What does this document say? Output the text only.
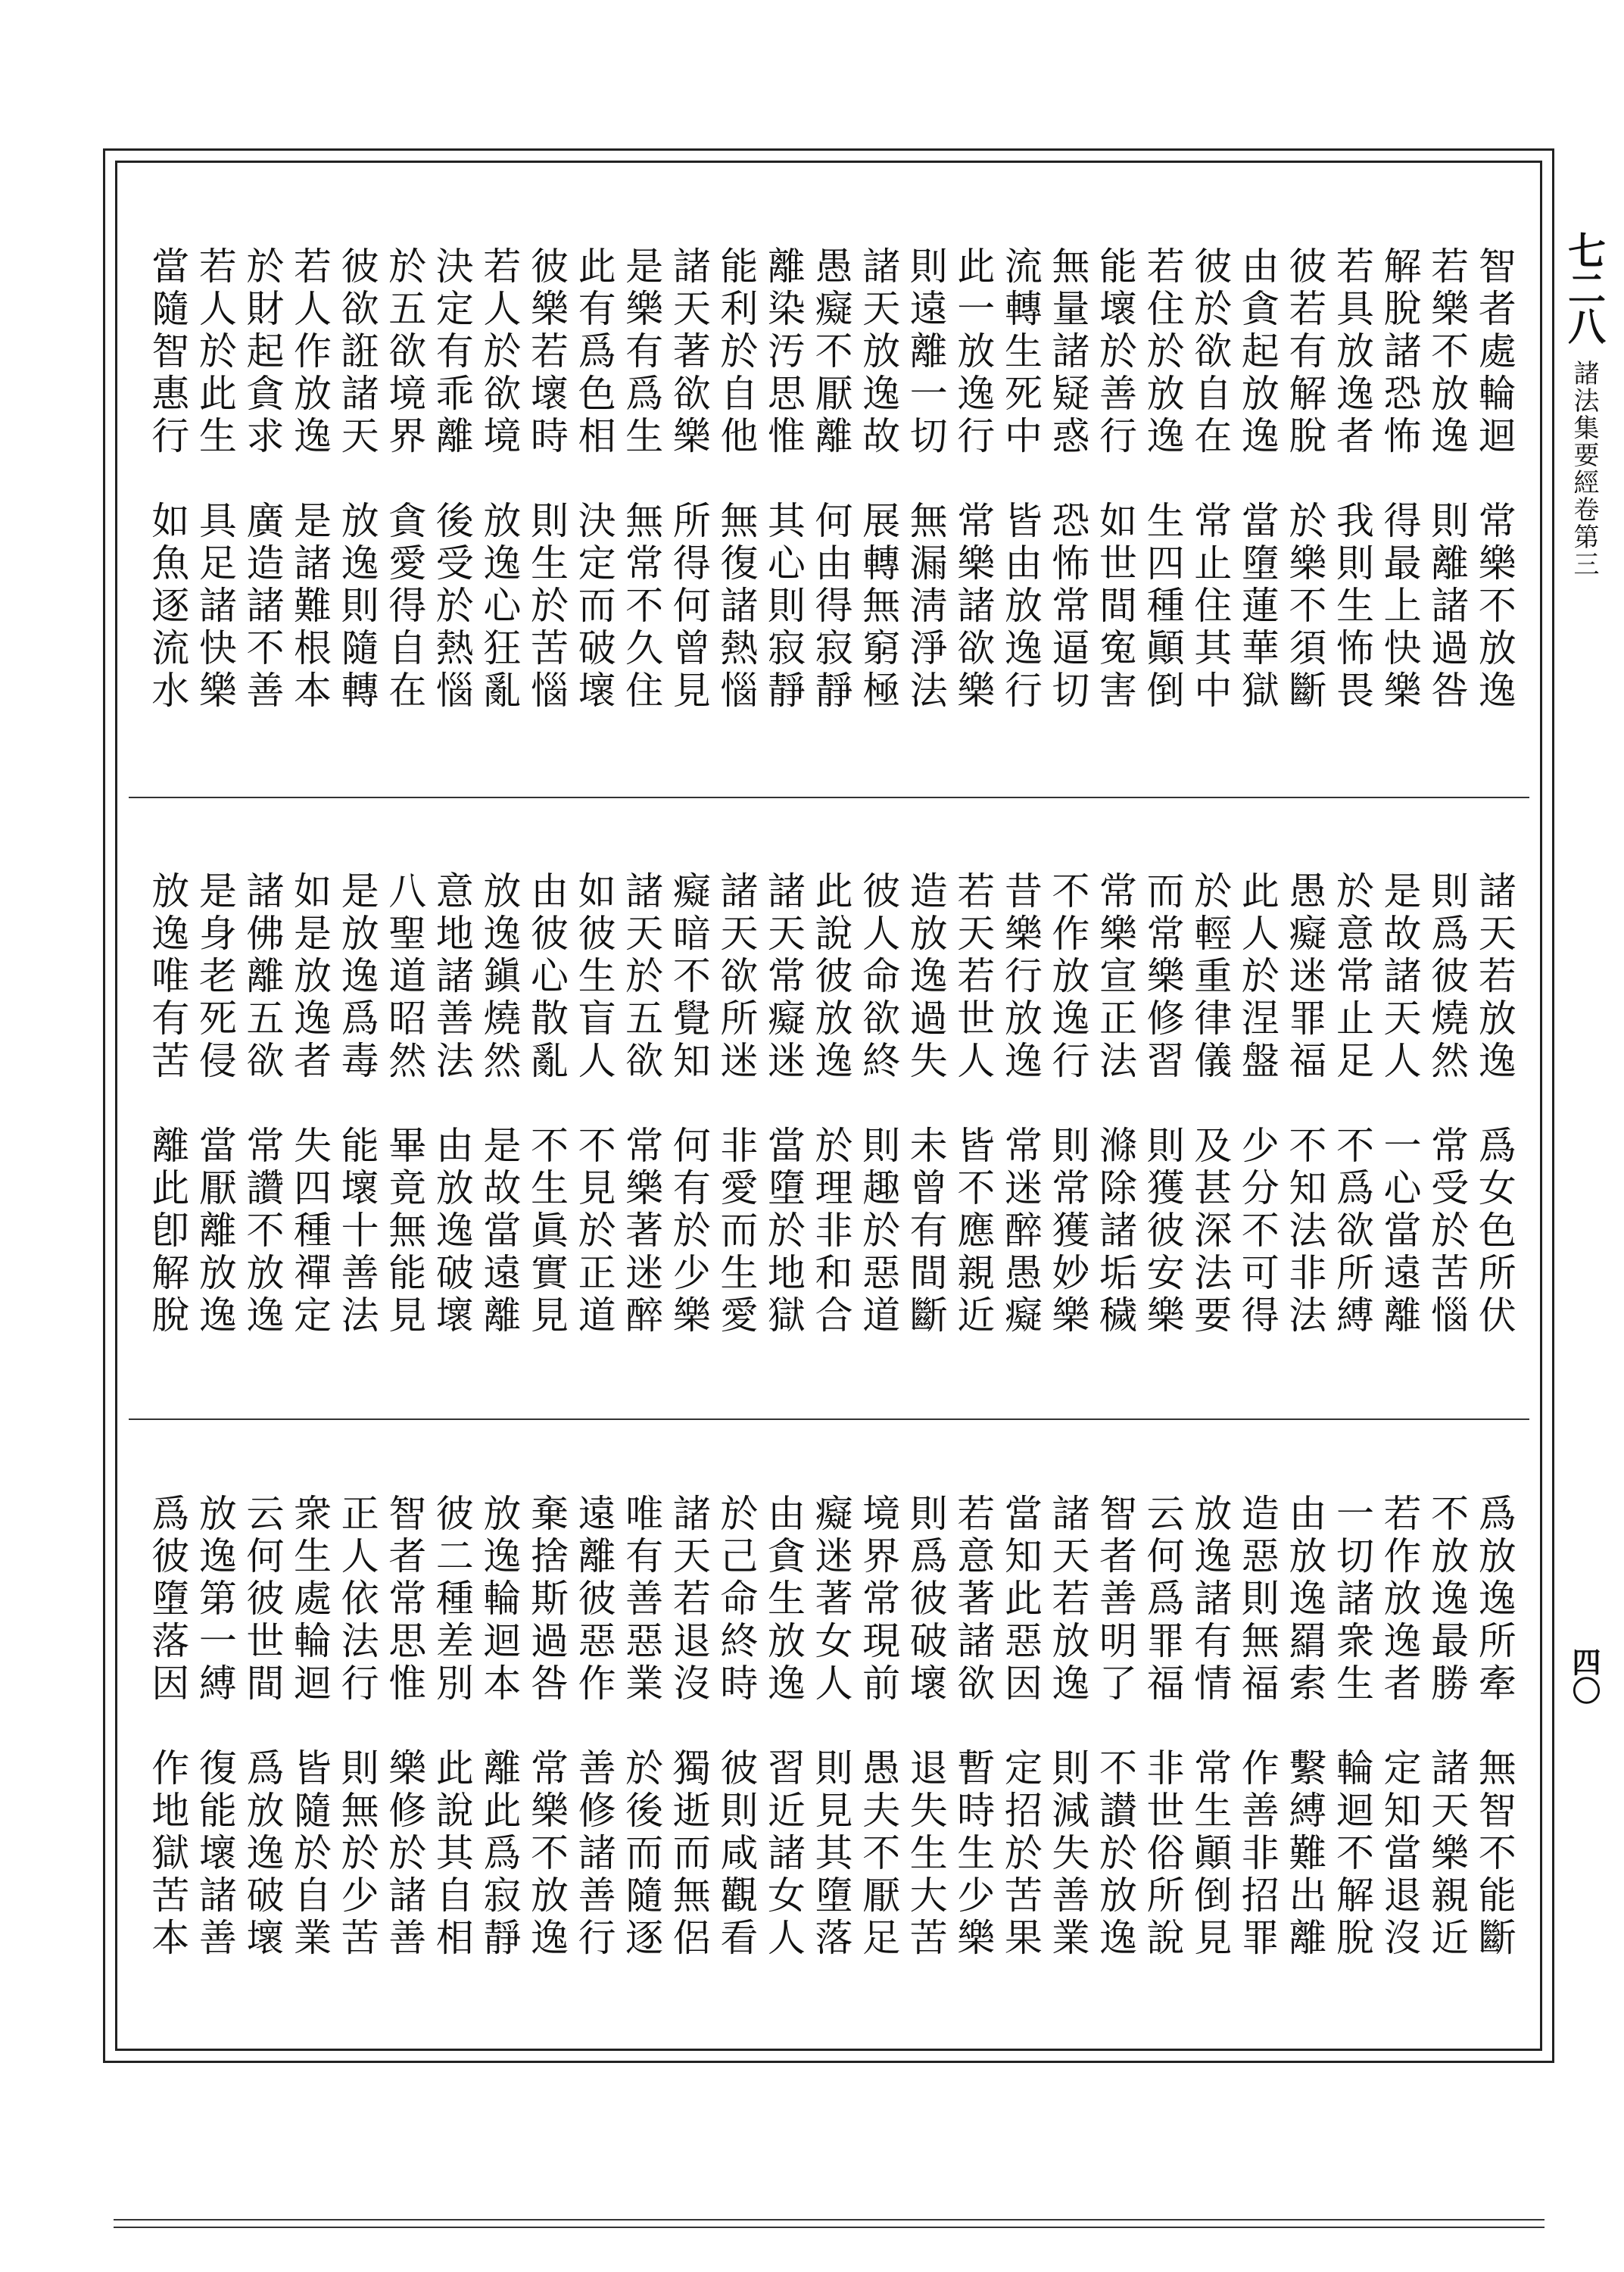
七二八諸法集要經卷第三
四〇
智者處輪迴　常樂不放逸
若樂不放逸　則離諸過咎
解脫諸恐怖　得最上快樂
若具放逸者　我則生怖畏
彼若有解脫　於樂不須斷
由貪起放逸　當墮蓮華獄
彼於欲自在　常止住其中
若住於放逸　生四種顚倒
能壞於善行　如世間寃害
無量諸疑惑　恐怖常逼切
流轉生死中　皆由放逸行
此一放逸行　常樂諸欲樂
則遠離一切　無漏淸淨法
諸天放逸故　展轉無窮極
愚癡不厭離　何由得寂靜
離染汚思惟　其心則寂靜
能利於自他　無復諸熱惱
諸天著欲樂　所得何曾見
是樂有爲生　無常不久住
此有爲色相　決定而破壞
彼樂若壞時　則生於苦惱
若人於欲境　放逸心狂亂
決定有乖離　後受於熱惱
於五欲境界　貪愛得自在
彼欲誑諸天　放逸則隨轉
若人作放逸　是諸難根本
於財起貪求　廣造諸不善
若人於此生　具足諸快樂
當隨智惠行　如魚逐流水
諸天若放逸　爲女色所伏
則爲彼燒然　常受於苦惱
是故諸天人　一心當遠離
於意常止足　不爲欲所縛
愚癡迷罪福　不知法非法
此人於涅盤　少分不可得
於輕重律儀　及甚深法要
而常樂修習　則獲彼安樂
常樂宣正法　滌除諸垢穢
不作放逸行　則常獲妙樂
昔樂行放逸　常迷醉愚癡
若天若世人　皆不應親近
造放逸過失　未曾有間斷
彼人命欲終　則趣於惡道
此說彼放逸　於理非和合
諸天常癡迷　當墮於地獄
諸天欲所迷　非愛而生愛
癡暗不覺知　何有於少樂
諸天於五欲　常樂著迷醉
如彼生盲人　不見於正道
由彼心散亂　不生眞實見
放逸鎭燒然　是故當遠離
意地諸善法　由放逸破壞
八聖道昭然　畢竟無能見
是放逸爲毒　能壞十善法
如是放逸者　失四種禪定
諸佛離五欲　常讚不放逸
是身老死侵　當厭離放逸
放逸唯有苦　離此卽解脫
爲放逸所牽　無智不能斷
不放逸最勝　諸天樂親近
若作放逸者　定知當退沒
一切諸衆生　輪迴不解脫
由放逸羂索　繫縛難出離
造惡則無福　作善非招罪
放逸諸有情　常生顚倒見
云何爲罪福　非世俗所說
智者善明了　不讃於放逸
諸天若放逸　則減失善業
當知此惡因　定招於苦果
若意著諸欲　暫時生少樂
則爲彼破壞　退失生大苦
境界常現前　愚夫不厭足
癡迷著女人　則見其墮落
由貪生放逸　習近諸女人
於己命終時　彼則咸觀看
諸天若退沒　獨逝而無侶
唯有善惡業　於後而隨逐
遠離彼惡作　善修諸善行
棄捨斯過咎　常樂不放逸
放逸輪迴本　離此爲寂靜
彼二種差別　此說其自相
智者常思惟　樂修於諸善
正人依法行　則無於少苦
衆生處輪迴　皆隨於自業
云何彼世間　爲放逸破壞
放逸第一縛　復能壞諸善
爲彼墮落因　作地獄苦本
